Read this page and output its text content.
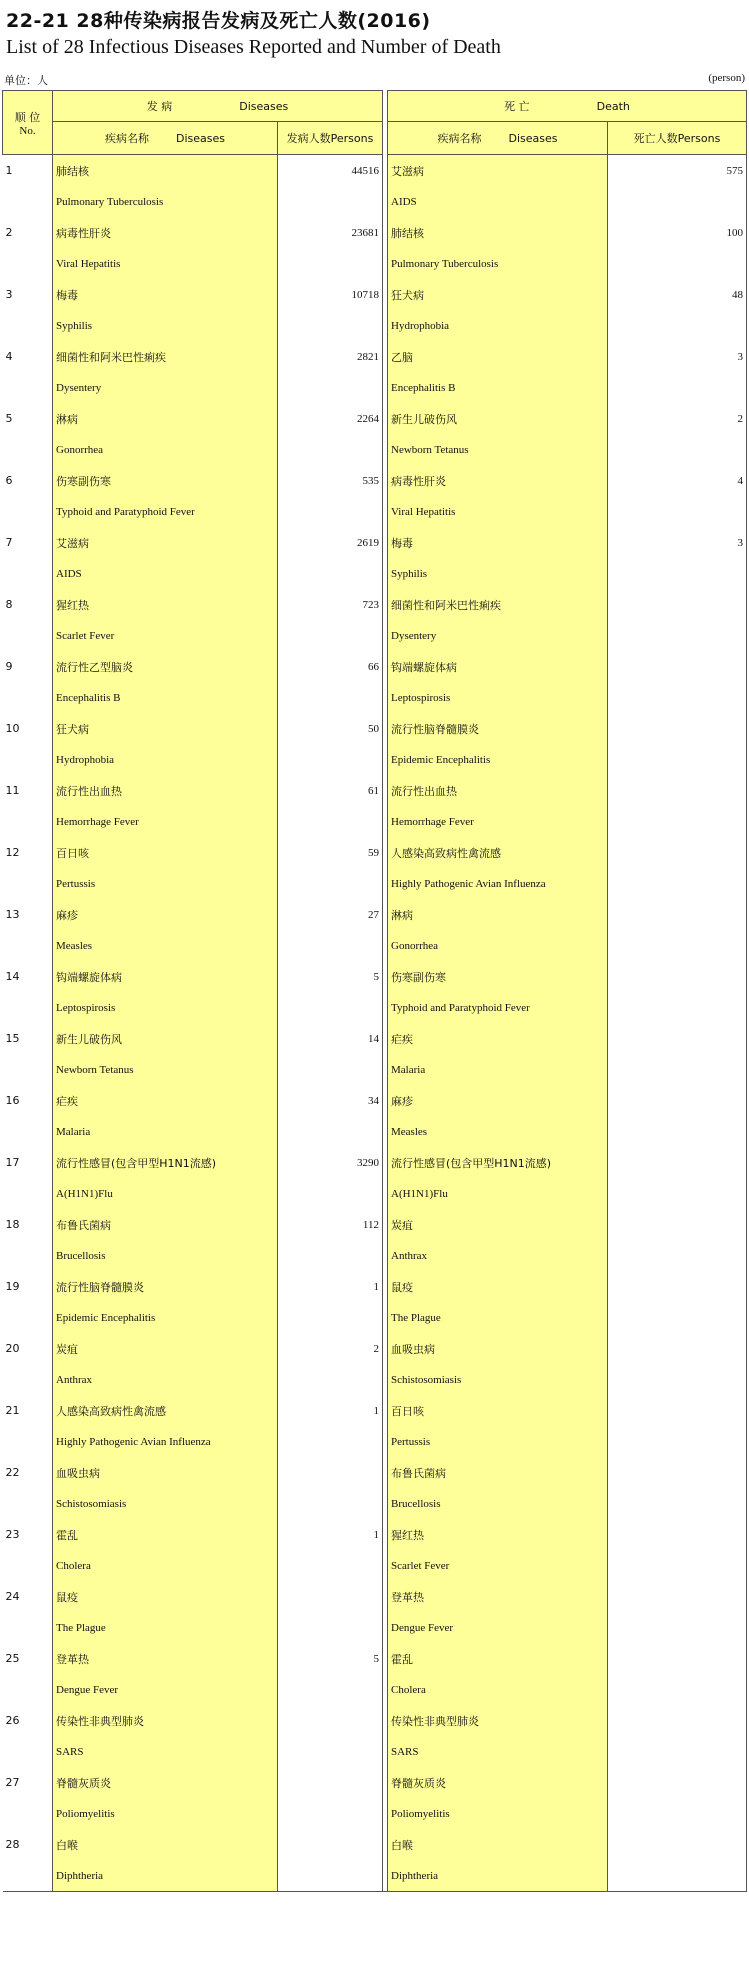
22-21 28种传染病报告发病及死亡人数(2016)
List of 28 Infectious Diseases Reported and Number of Death
单位：人	(person)
顺 位
No.	发 病 Diseases			死 亡 Death	
	疾病名称 Diseases	发病人数Persons		疾病名称 Diseases	死亡人数Persons
1	肺结核	44516		艾滋病	575
	Pulmonary Tuberculosis			AIDS	
2	病毒性肝炎	23681		肺结核	100
	Viral Hepatitis			Pulmonary Tuberculosis	
3	梅毒	10718		狂犬病	48
	Syphilis			Hydrophobia	
4	细菌性和阿米巴性痢疾	2821		乙脑	3
	Dysentery			Encephalitis B	
5	淋病	2264		新生儿破伤风	2
	Gonorrhea			Newborn Tetanus	
6	伤寒副伤寒	535		病毒性肝炎	4
	Typhoid and Paratyphoid Fever			Viral Hepatitis	
7	艾滋病	2619		梅毒	3
	AIDS			Syphilis	
8	猩红热	723		细菌性和阿米巴性痢疾	
	Scarlet Fever			Dysentery	
9	流行性乙型脑炎	66		钩端螺旋体病	
	Encephalitis B			Leptospirosis	
10	狂犬病	50		流行性脑脊髓膜炎	
	Hydrophobia			Epidemic Encephalitis	
11	流行性出血热	61		流行性出血热	
	Hemorrhage Fever			Hemorrhage Fever	
12	百日咳	59		人感染高致病性禽流感	
	Pertussis			Highly Pathogenic Avian Influenza	
13	麻疹	27		淋病	
	Measles			Gonorrhea	
14	钩端螺旋体病	5		伤寒副伤寒	
	Leptospirosis			Typhoid and Paratyphoid Fever	
15	新生儿破伤风	14		疟疾	
	Newborn Tetanus			Malaria	
16	疟疾	34		麻疹	
	Malaria			Measles	
17	流行性感冒(包含甲型H1N1流感)	3290		流行性感冒(包含甲型H1N1流感)	
	A(H1N1)Flu			A(H1N1)Flu	
18	布鲁氏菌病	112		炭疽	
	Brucellosis			Anthrax	
19	流行性脑脊髓膜炎	1		鼠疫	
	Epidemic Encephalitis			The Plague	
20	炭疽	2		血吸虫病	
	Anthrax			Schistosomiasis	
21	人感染高致病性禽流感	1		百日咳	
	Highly Pathogenic Avian Influenza			Pertussis	
22	血吸虫病			布鲁氏菌病	
	Schistosomiasis			Brucellosis	
23	霍乱	1		猩红热	
	Cholera			Scarlet Fever	
24	鼠疫			登革热	
	The Plague			Dengue Fever	
25	登革热	5		霍乱	
	Dengue Fever			Cholera	
26	传染性非典型肺炎			传染性非典型肺炎	
	SARS			SARS	
27	脊髓灰质炎			脊髓灰质炎	
	Poliomyelitis			Poliomyelitis	
28	白喉			白喉	
	Diphtheria			Diphtheria	
